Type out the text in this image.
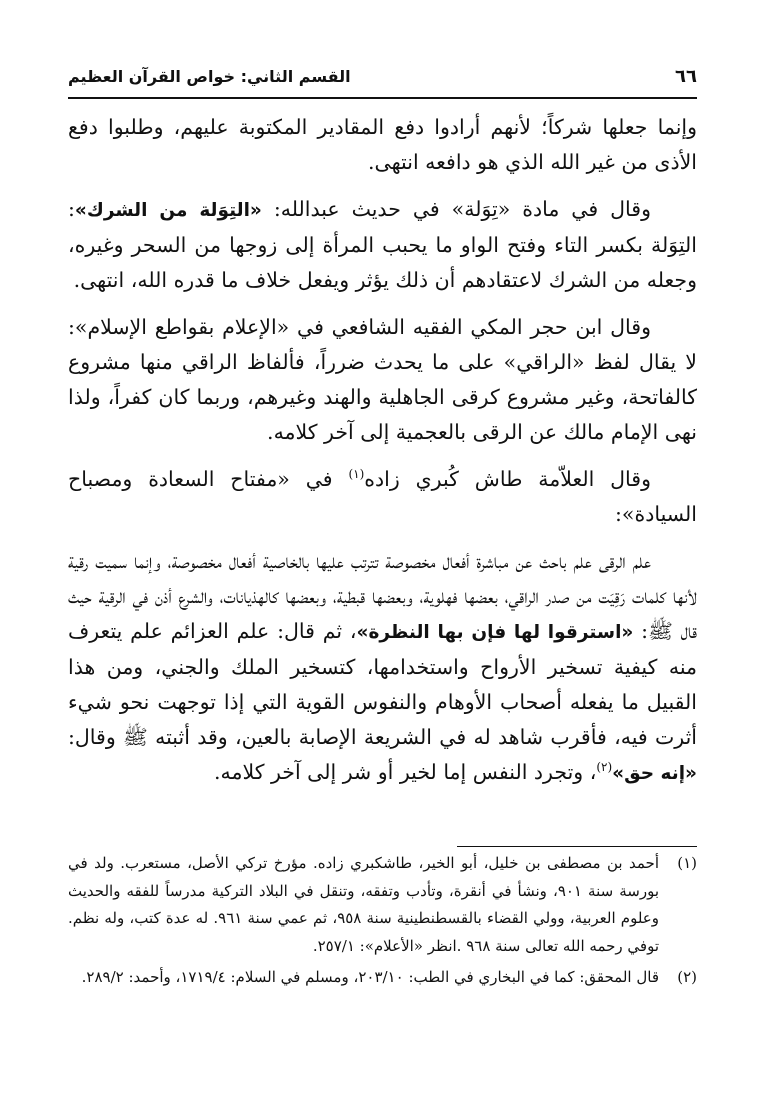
٦٦
القسم الثاني: خواص القرآن العظيم

وإنما جعلها شركاً؛ لأنهم أرادوا دفع المقادير المكتوبة عليهم، وطلبوا دفع الأذى من غير الله الذي هو دافعه انتهى.

وقال في مادة «تِوَلة» في حديث عبدالله: «التِوَلة من الشرك»: التِوَلة بكسر التاء وفتح الواو ما يحبب المرأة إلى زوجها من السحر وغيره، وجعله من الشرك لاعتقادهم أن ذلك يؤثر ويفعل خلاف ما قدره الله، انتهى.

وقال ابن حجر المكي الفقيه الشافعي في «الإعلام بقواطع الإسلام»: لا يقال لفظ «الراقي» على ما يحدث ضرراً، فألفاظ الراقي منها مشروع كالفاتحة، وغير مشروع كرقى الجاهلية والهند وغيرهم، وربما كان كفراً، ولذا نهى الإمام مالك عن الرقى بالعجمية إلى آخر كلامه.

وقال العلاّمة طاش كُبري زاده$^{(١)}$ في «مفتاح السعادة ومصباح السيادة»:

علم الرقى علم باحث عن مباشرة أفعال مخصوصة تترتب عليها بالخاصية أفعال مخصوصة، وإنما سميت رقية لأنها كلمات رَقِيَت من صدر الراقي، بعضها فهلوية، وبعضها قبطية، وبعضها كالهذيانات، والشرع أذن في الرقية حيث قال ﷺ: «استرقوا لها فإن بها النظرة»، ثم قال: علم العزائم علم يتعرف منه كيفية تسخير الأرواح واستخدامها، كتسخير الملك والجني، ومن هذا القبيل ما يفعله أصحاب الأوهام والنفوس القوية التي إذا توجهت نحو شيء أثرت فيه، فأقرب شاهد له في الشريعة الإصابة بالعين، وقد أثبته ﷺ وقال: «إنه حق»$^{(٢)}$، وتجرد النفس إما لخير أو شر إلى آخر كلامه.

(١)
أحمد بن مصطفى بن خليل، أبو الخير، طاشكبري زاده. مؤرخ تركي الأصل، مستعرب. ولد في بورسة سنة ٩٠١، ونشأ في أنقرة، وتأدب وتفقه، وتنقل في البلاد التركية مدرساً للفقه والحديث وعلوم العربية، وولي القضاء بالقسطنطينية سنة ٩٥٨، ثم عمي سنة ٩٦١. له عدة كتب، وله نظم. توفي رحمه الله تعالى سنة ٩٦٨ .انظر «الأعلام»: ٢٥٧/١.
(٢)
قال المحقق: كما في البخاري في الطب: ٢٠٣/١٠، ومسلم في السلام: ١٧١٩/٤، وأحمد: ٢٨٩/٢.
